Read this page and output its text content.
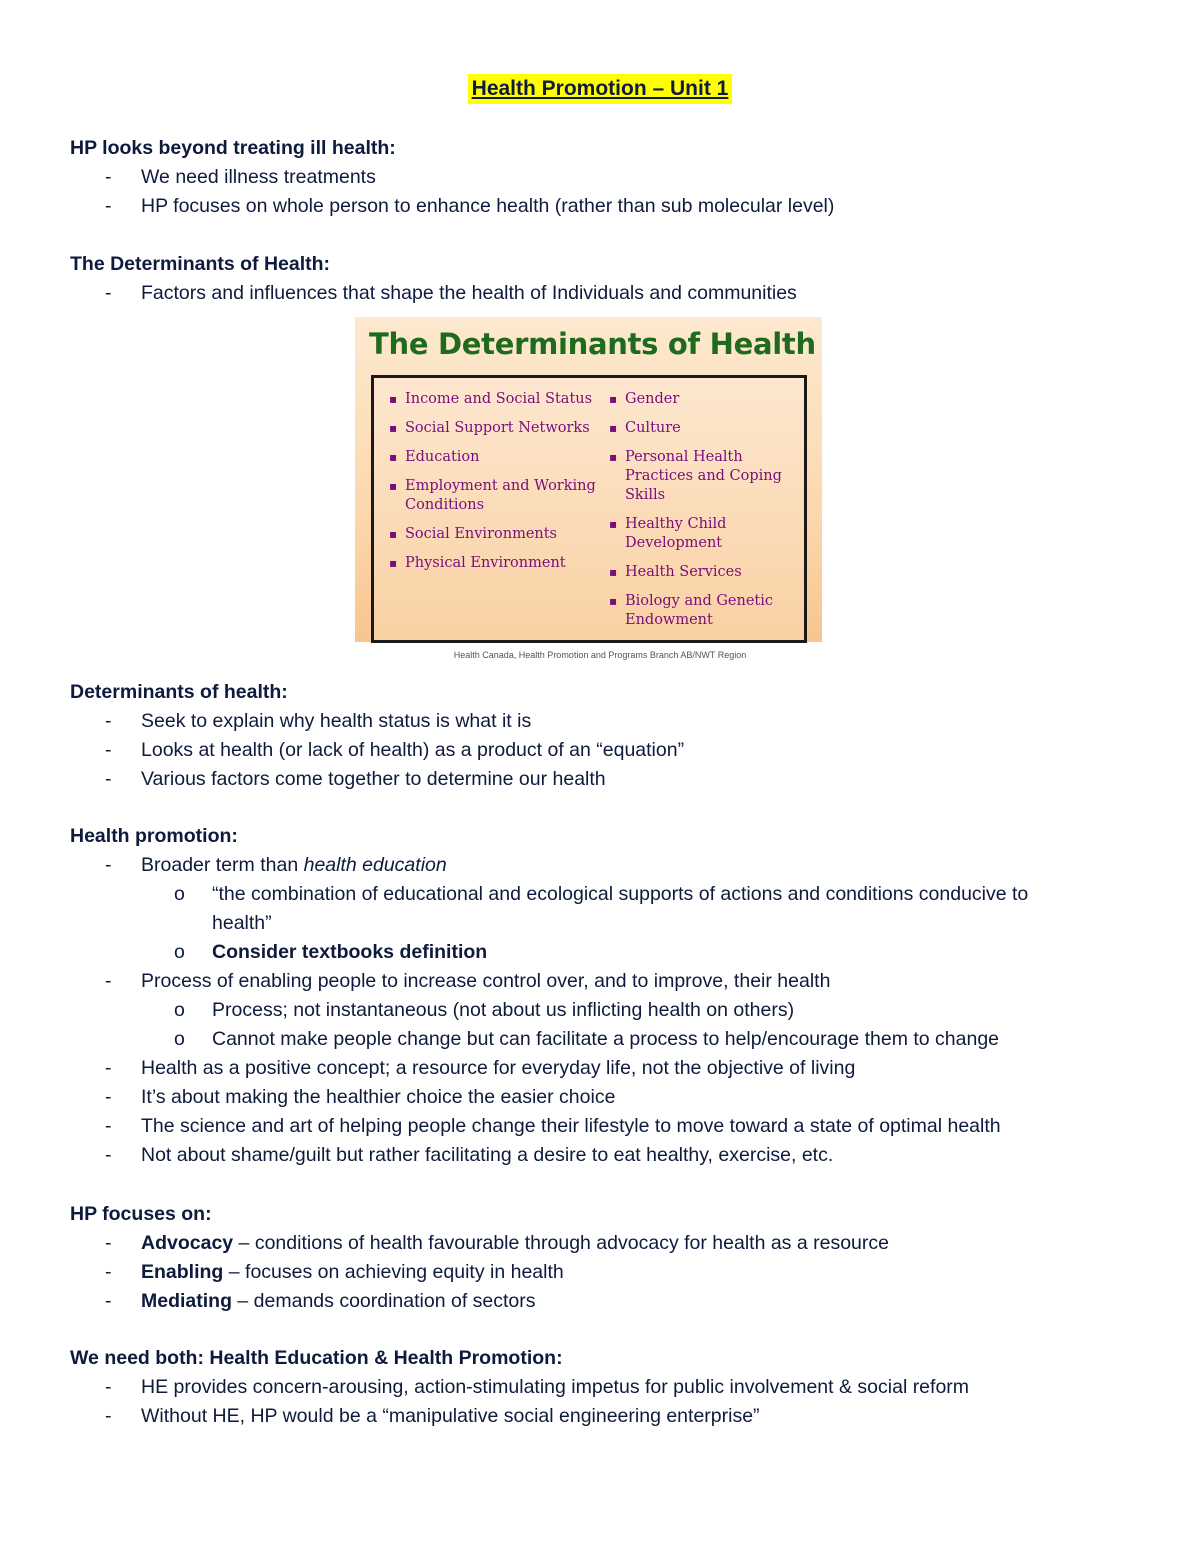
Health Promotion – Unit 1
HP looks beyond treating ill health:
- We need illness treatments
- HP focuses on whole person to enhance health (rather than sub molecular level)
The Determinants of Health:
- Factors and influences that shape the health of Individuals and communities
The Determinants of Health
▪ Income and Social Status
▪ Social Support Networks
▪ Education
▪ Employment and Working Conditions
▪ Social Environments
▪ Physical Environment
▪ Gender
▪ Culture
▪ Personal Health Practices and Coping Skills
▪ Healthy Child Development
▪ Health Services
▪ Biology and Genetic Endowment
Health Canada, Health Promotion and Programs Branch AB/NWT Region
Determinants of health:
- Seek to explain why health status is what it is
- Looks at health (or lack of health) as a product of an “equation”
- Various factors come together to determine our health
Health promotion:
- Broader term than health education
o “the combination of educational and ecological supports of actions and conditions conducive to
health”
o Consider textbooks definition
- Process of enabling people to increase control over, and to improve, their health
o Process; not instantaneous (not about us inflicting health on others)
o Cannot make people change but can facilitate a process to help/encourage them to change
- Health as a positive concept; a resource for everyday life, not the objective of living
- It’s about making the healthier choice the easier choice
- The science and art of helping people change their lifestyle to move toward a state of optimal health
- Not about shame/guilt but rather facilitating a desire to eat healthy, exercise, etc.
HP focuses on:
- Advocacy – conditions of health favourable through advocacy for health as a resource
- Enabling – focuses on achieving equity in health
- Mediating – demands coordination of sectors
We need both: Health Education & Health Promotion:
- HE provides concern-arousing, action-stimulating impetus for public involvement & social reform
- Without HE, HP would be a “manipulative social engineering enterprise”
